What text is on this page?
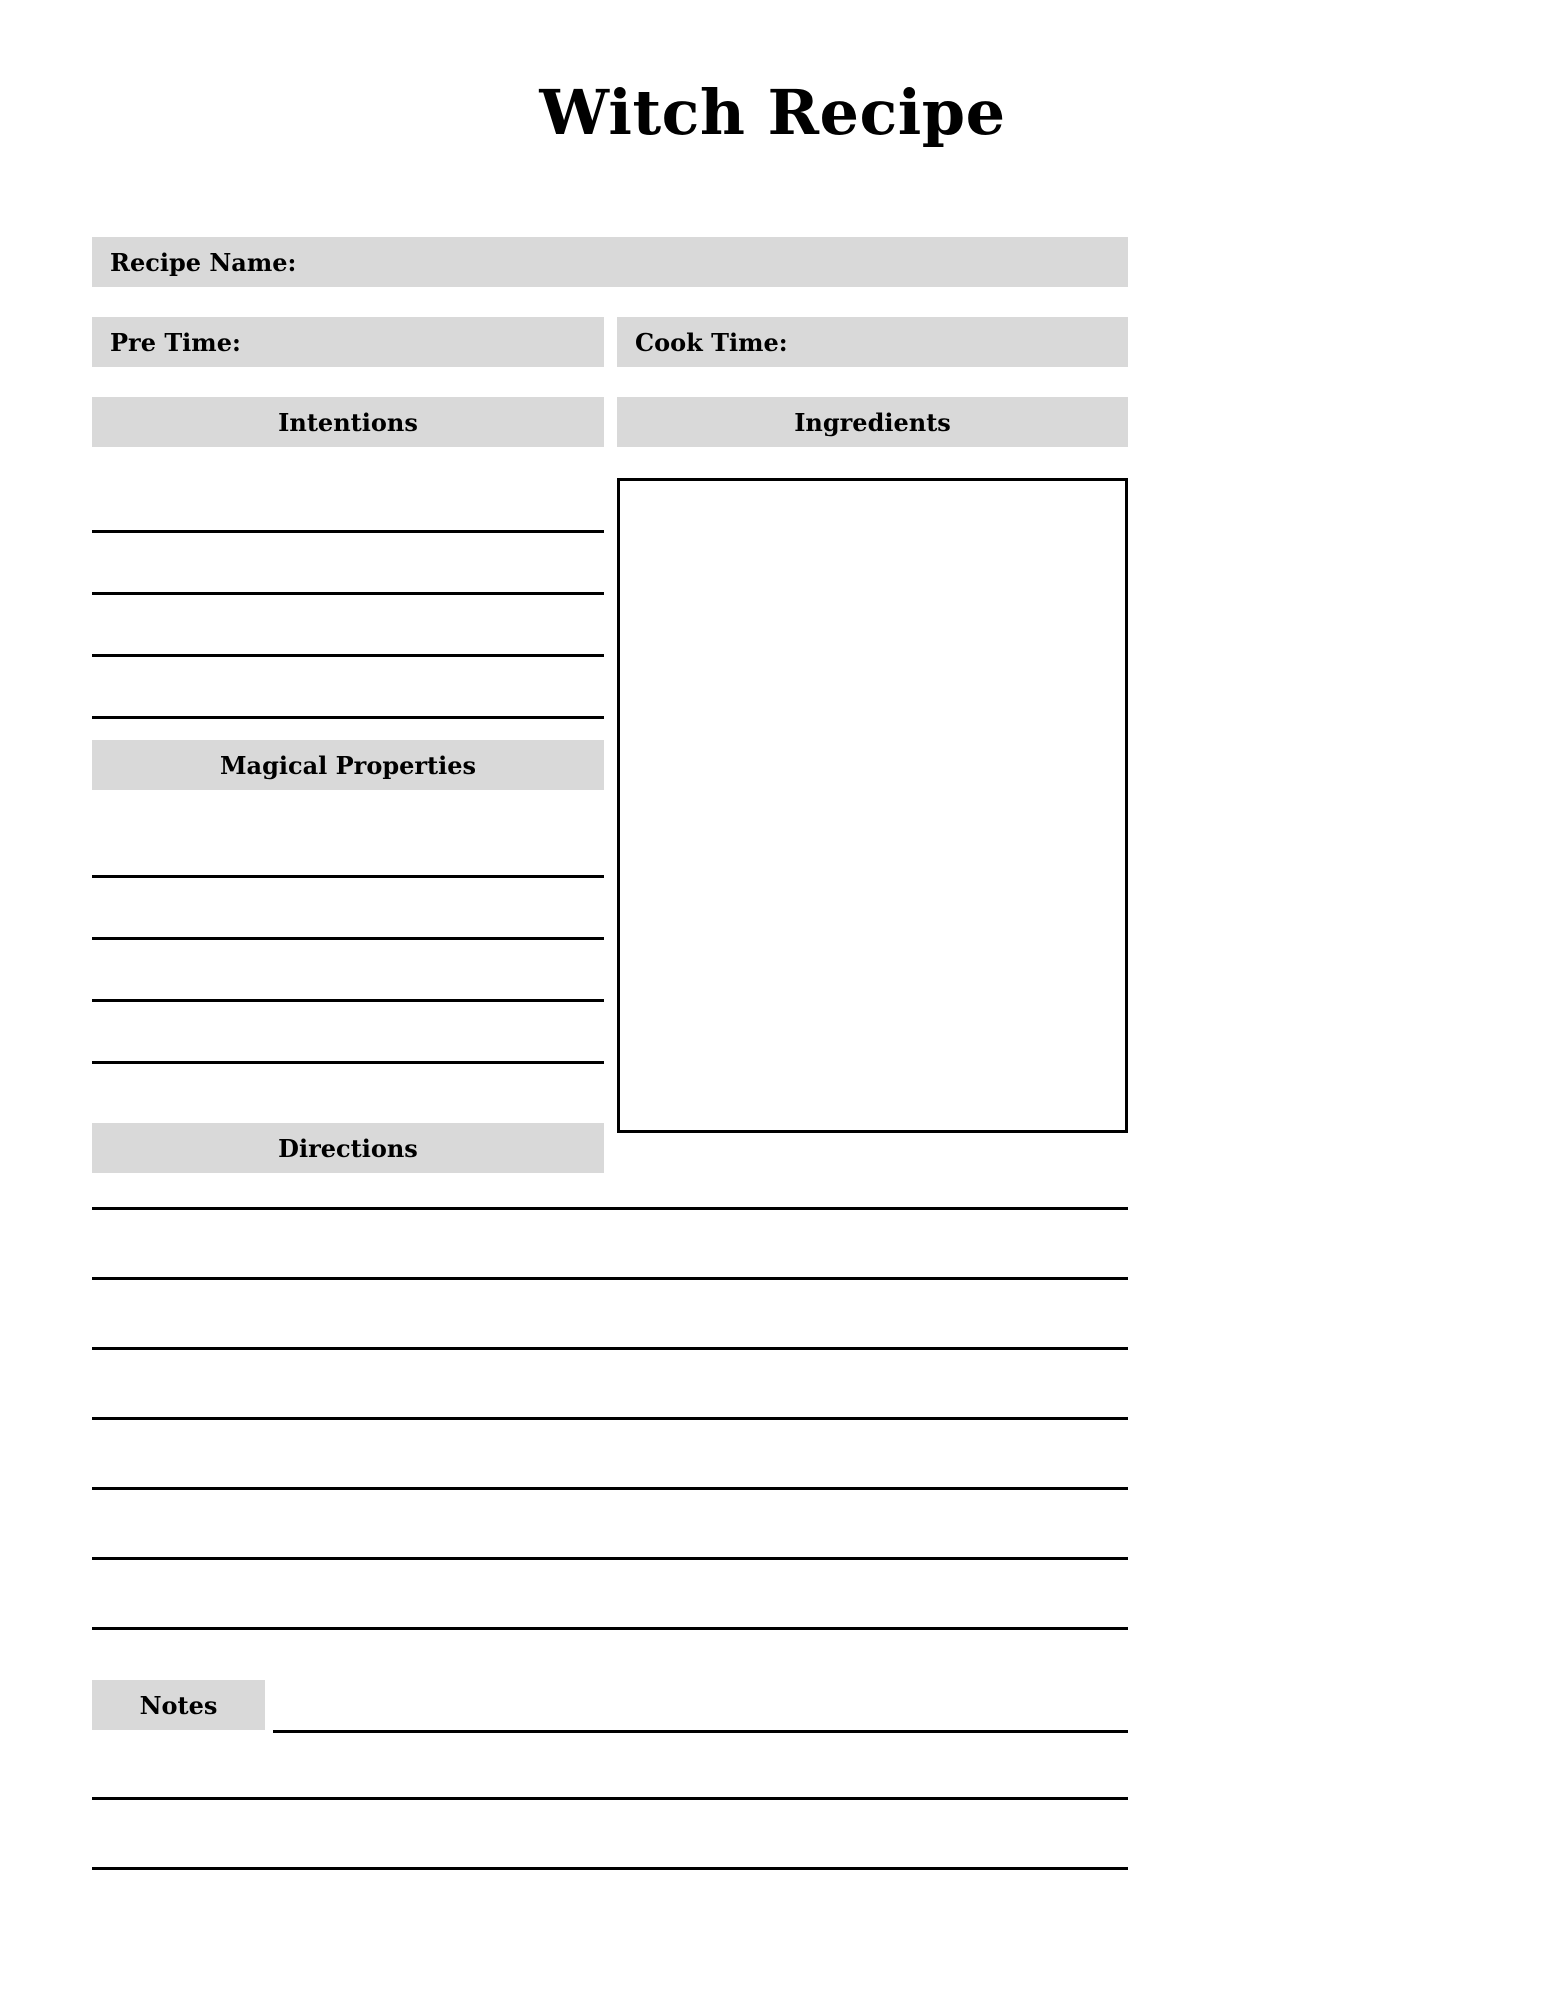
Witch Recipe
Recipe Name:
Pre Time:	Cook Time:
Intentions	Ingredients
Magical Properties
Directions
Notes
